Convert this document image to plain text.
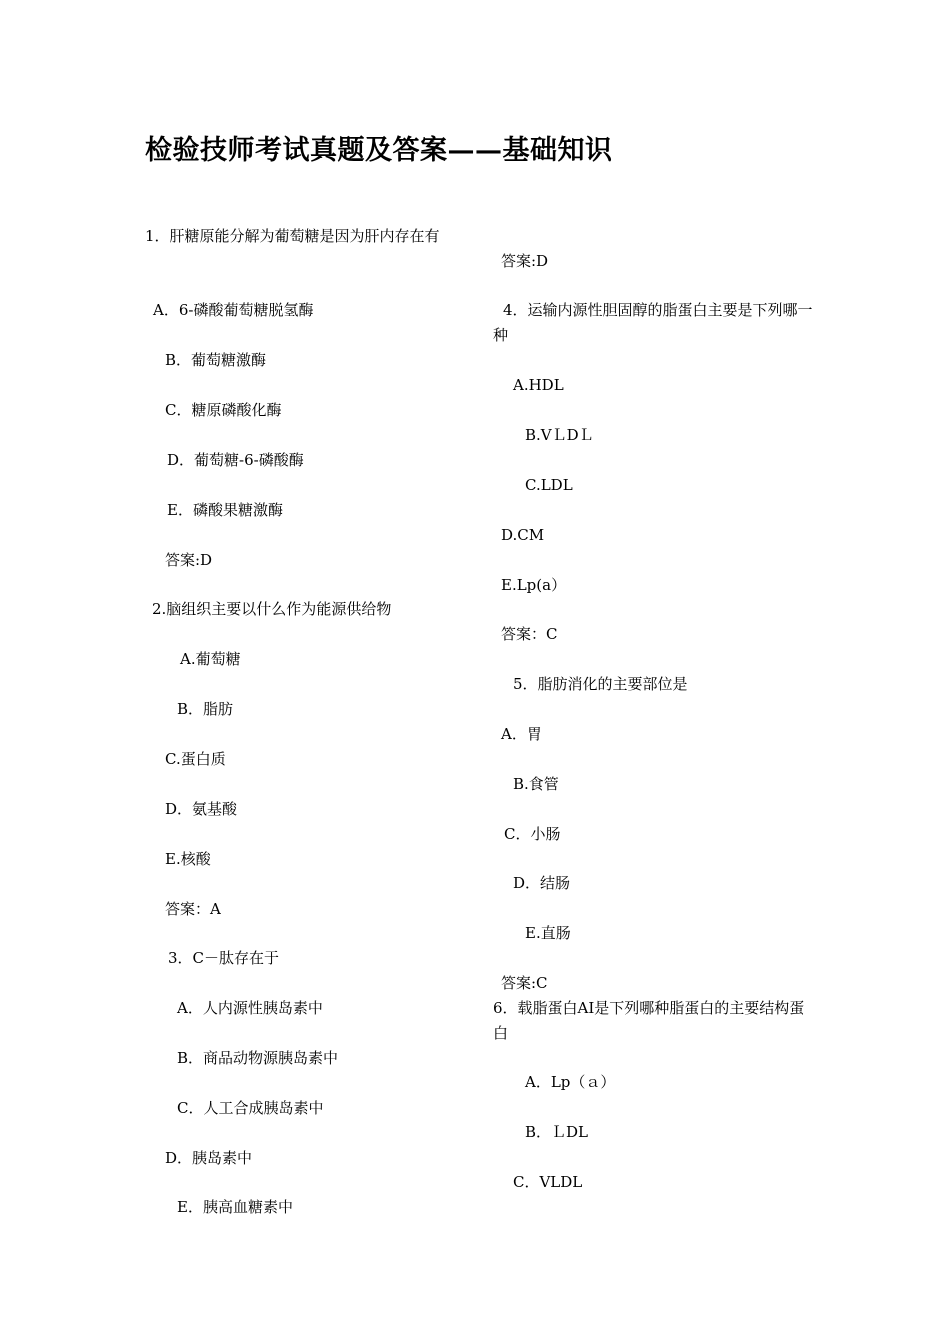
检验技师考试真题及答案——基础知识

1．肝糖原能分解为葡萄糖是因为肝内存在有

A．6-磷酸葡萄糖脱氢酶

B．葡萄糖激酶

C．糖原磷酸化酶

D．葡萄糖-6-磷酸酶

E．磷酸果糖激酶

答案:D

2.脑组织主要以什么作为能源供给物

A.葡萄糖

B．脂肪

C.蛋白质

D．氨基酸

E.核酸

答案：A

3．C－肽存在于

A．人内源性胰岛素中

B．商品动物源胰岛素中

C．人工合成胰岛素中

D．胰岛素中

E．胰高血糖素中

答案:D

4．运输内源性胆固醇的脂蛋白主要是下列哪一种

A.HDL

B.VＬDＬ

C.LDL

D.CM

E.Lp(a）

答案：C

5．脂肪消化的主要部位是

A．胃

B.食管

C．小肠

D．结肠

E.直肠

答案:C

6．载脂蛋白AI是下列哪种脂蛋白的主要结构蛋白

A．Lp（ａ）

B．ＬDL

C．VLDL
